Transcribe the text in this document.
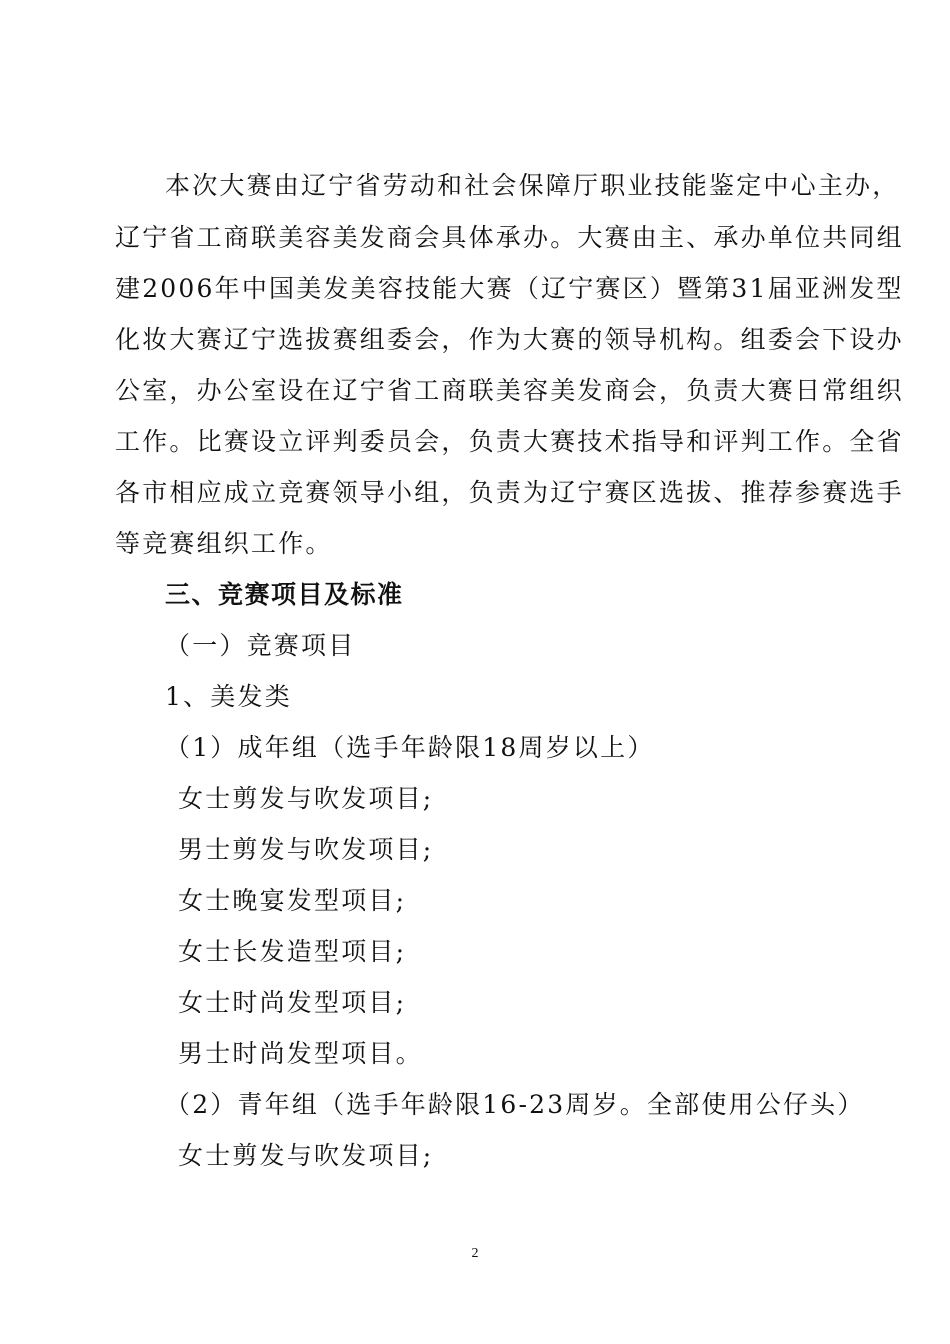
本次大赛由辽宁省劳动和社会保障厅职业技能鉴定中心主办，
辽宁省工商联美容美发商会具体承办。大赛由主、承办单位共同组
建2006年中国美发美容技能大赛（辽宁赛区）暨第31届亚洲发型
化妆大赛辽宁选拔赛组委会，作为大赛的领导机构。组委会下设办
公室，办公室设在辽宁省工商联美容美发商会，负责大赛日常组织
工作。比赛设立评判委员会，负责大赛技术指导和评判工作。全省
各市相应成立竞赛领导小组，负责为辽宁赛区选拔、推荐参赛选手
等竞赛组织工作。
三、竞赛项目及标准
（一）竞赛项目
1、美发类
（1）成年组（选手年龄限18周岁以上）
女士剪发与吹发项目;
男士剪发与吹发项目;
女士晚宴发型项目;
女士长发造型项目;
女士时尚发型项目;
男士时尚发型项目。
（2）青年组（选手年龄限16-23周岁。全部使用公仔头）
女士剪发与吹发项目;
2
